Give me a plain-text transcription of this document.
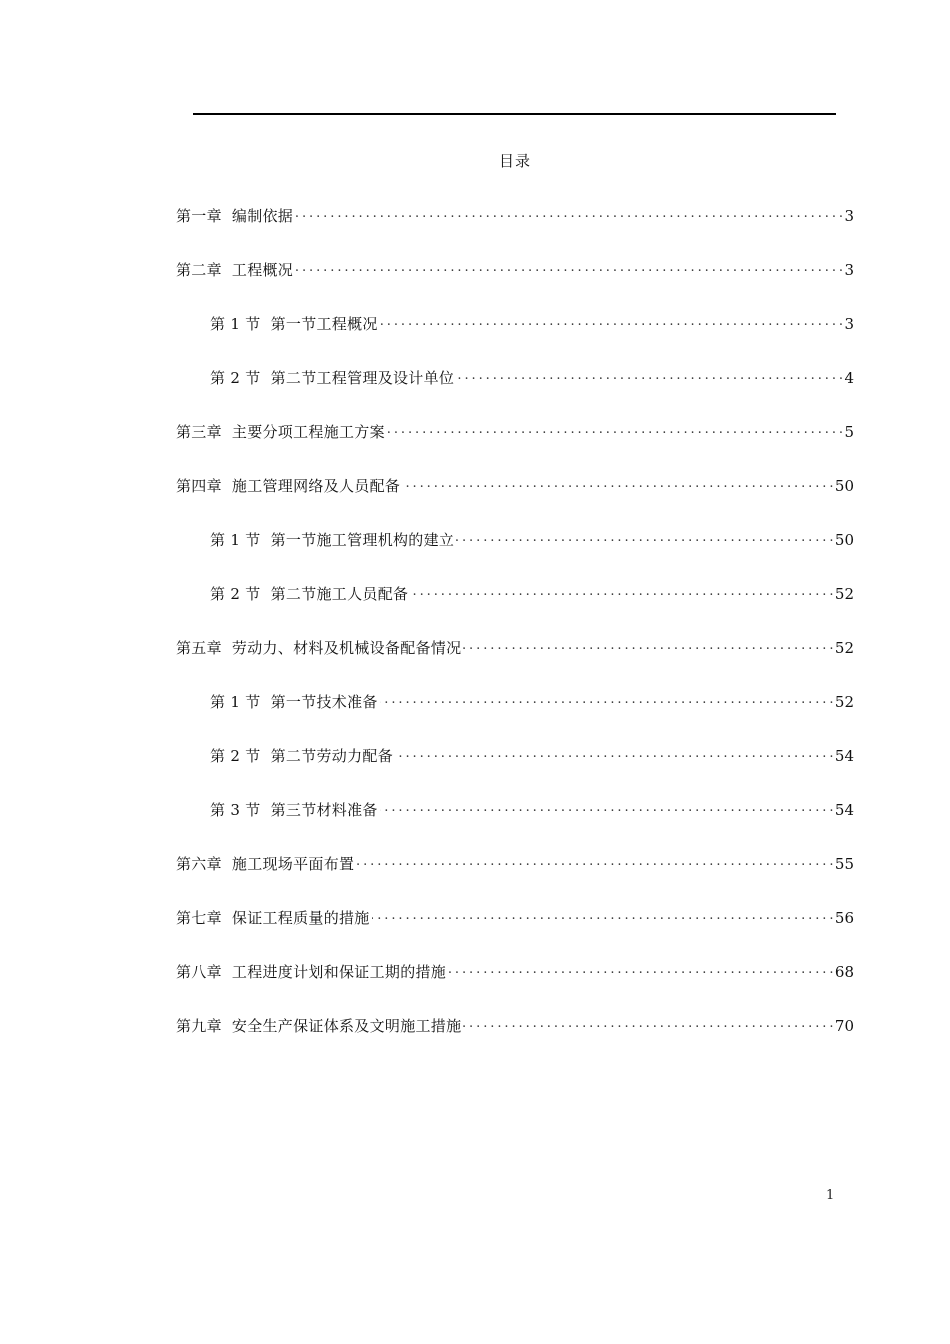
目录
第一章 编制依据 . . .	3
第二章 工程概况 . . .	3
第 1 节 第一节工程概况 . . .	3
第 2 节 第二节工程管理及设计单位 . . .	4
第三章 主要分项工程施工方案 . . .	5
第四章 施工管理网络及人员配备 . . .	50
第 1 节 第一节施工管理机构的建立 . . .	50
第 2 节 第二节施工人员配备 . . .	52
第五章 劳动力、材料及机械设备配备情况 . . .	52
第 1 节 第一节技术准备 . . .	52
第 2 节 第二节劳动力配备 . . .	54
第 3 节 第三节材料准备 . . .	54
第六章 施工现场平面布置 . . .	55
第七章 保证工程质量的措施 . . .	56
第八章 工程进度计划和保证工期的措施 . . .	68
第九章 安全生产保证体系及文明施工措施 . . .	70
1
